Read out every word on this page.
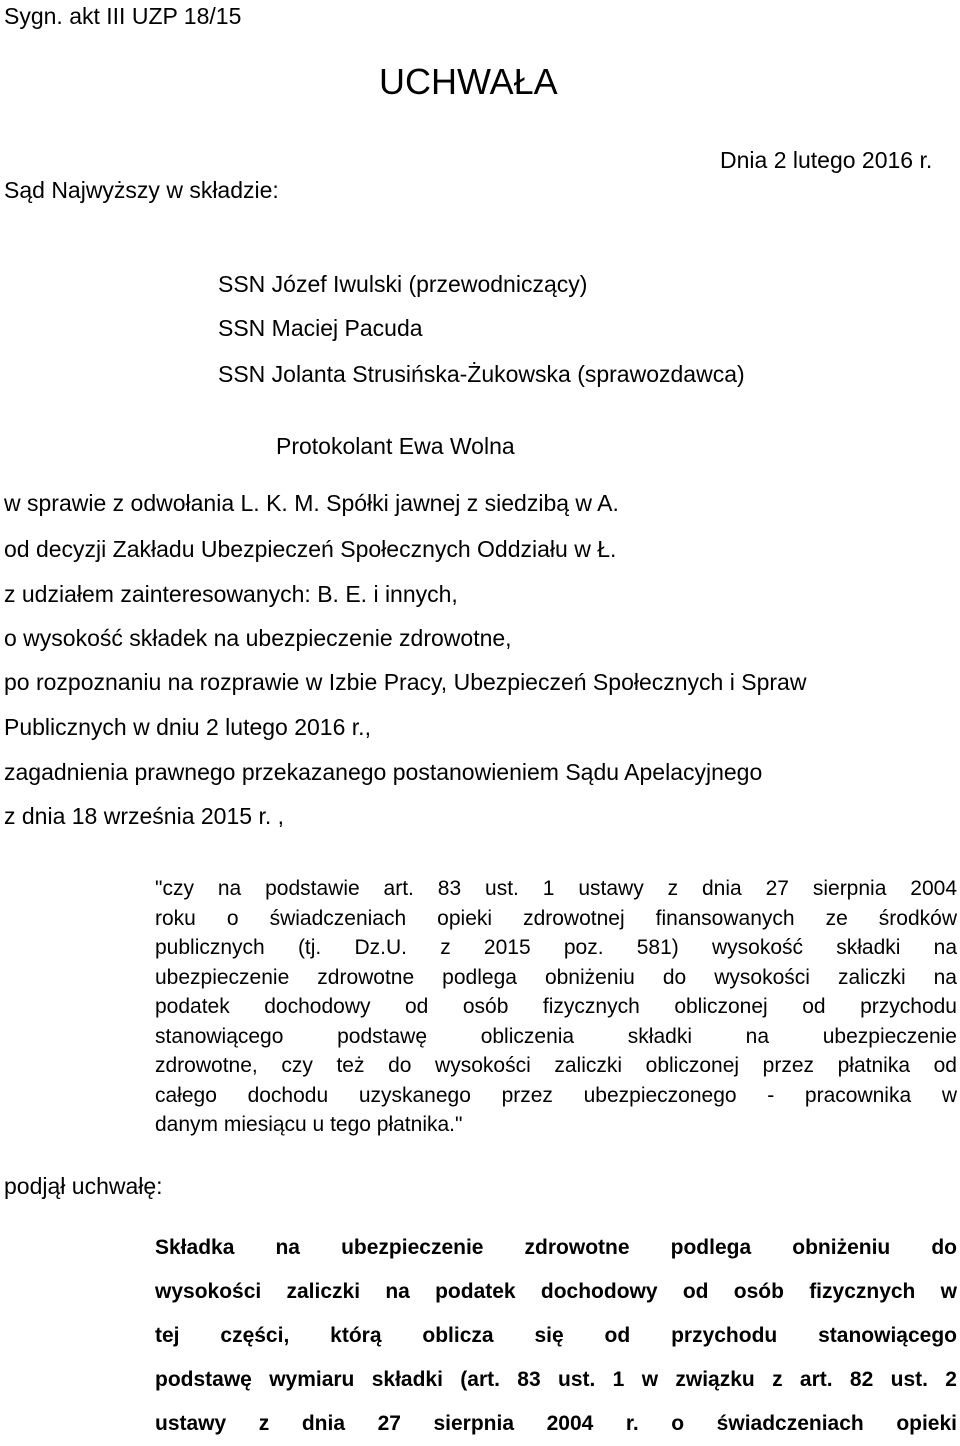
Sygn. akt III UZP 18/15
UCHWAŁA
Dnia 2 lutego 2016 r.
Sąd Najwyższy w składzie:
SSN Józef Iwulski (przewodniczący)
SSN Maciej Pacuda
SSN Jolanta Strusińska-Żukowska (sprawozdawca)
Protokolant Ewa Wolna
w sprawie z odwołania L. K. M. Spółki jawnej z siedzibą w A.
od decyzji Zakładu Ubezpieczeń Społecznych Oddziału w Ł.
z udziałem zainteresowanych: B. E. i innych,
o wysokość składek na ubezpieczenie zdrowotne,
po rozpoznaniu na rozprawie w Izbie Pracy, Ubezpieczeń Społecznych i Spraw
Publicznych w dniu 2 lutego 2016 r.,
zagadnienia prawnego przekazanego postanowieniem Sądu Apelacyjnego
z dnia 18 września 2015 r. ,
"czy na podstawie art. 83 ust. 1 ustawy z dnia 27 sierpnia 2004
roku o świadczeniach opieki zdrowotnej finansowanych ze środków
publicznych (tj. Dz.U. z 2015 poz. 581) wysokość składki na
ubezpieczenie zdrowotne podlega obniżeniu do wysokości zaliczki na
podatek dochodowy od osób fizycznych obliczonej od przychodu
stanowiącego podstawę obliczenia składki na ubezpieczenie
zdrowotne, czy też do wysokości zaliczki obliczonej przez płatnika od
całego dochodu uzyskanego przez ubezpieczonego - pracownika w
danym miesiącu u tego płatnika."
podjął uchwałę:
Składka na ubezpieczenie zdrowotne podlega obniżeniu do
wysokości zaliczki na podatek dochodowy od osób fizycznych w
tej części, którą oblicza się od przychodu stanowiącego
podstawę wymiaru składki (art. 83 ust. 1 w związku z art. 82 ust. 2
ustawy z dnia 27 sierpnia 2004 r. o świadczeniach opieki
